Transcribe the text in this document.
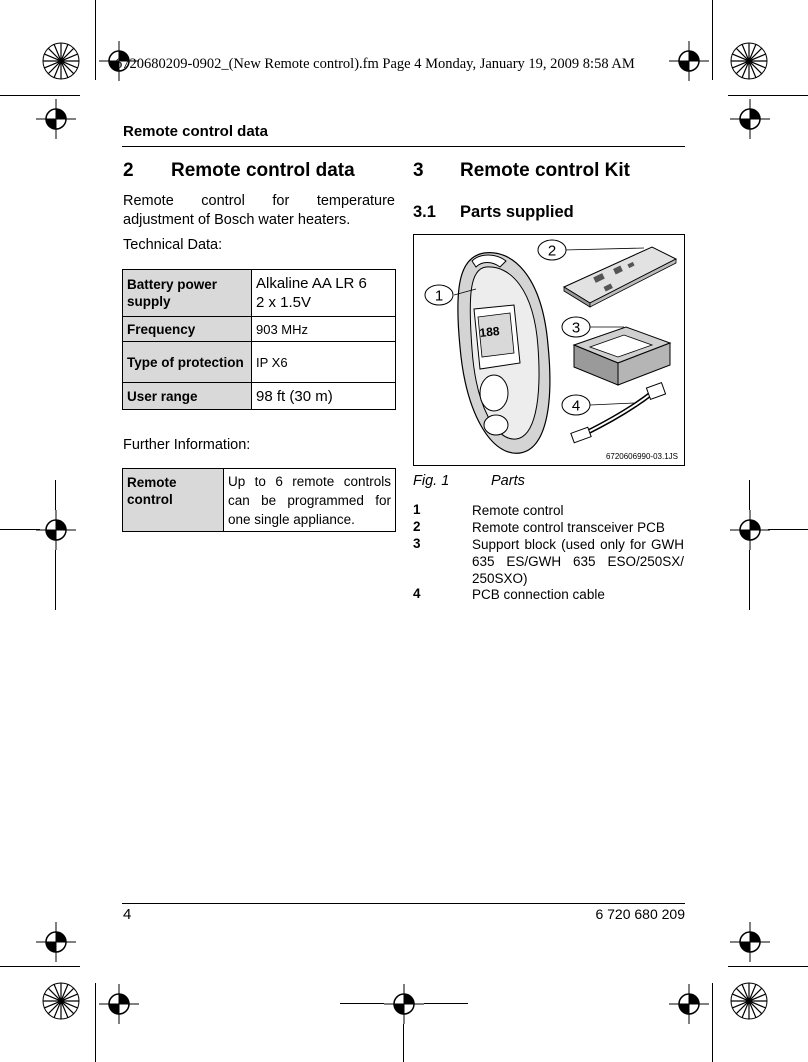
6720680209-0902_(New Remote control).fm Page 4 Monday, January 19, 2009 8:58 AM
Remote control data
2 Remote control data
Remote control for temperature
adjustment of Bosch water heaters.
Technical Data:
Battery power supply	Alkaline AA LR 6
2 x 1.5V

Frequency	903 MHz
Type of protection	IP X6
User range	98 ft (30 m)
Further Information:
Remote control	
Up to 6 remote controls
can be programmed for
one single appliance.
3 Remote control Kit
3.1 Parts supplied
188
1
2
3
4
6720606990-03.1JS
Fig. 1	Parts
1	Remote control
2	Remote control transceiver PCB
3	Support block (used only for GWH
635 ES/GWH 635 ESO/250SX/
250SXO)
4	PCB connection cable
4	6 720 680 209
